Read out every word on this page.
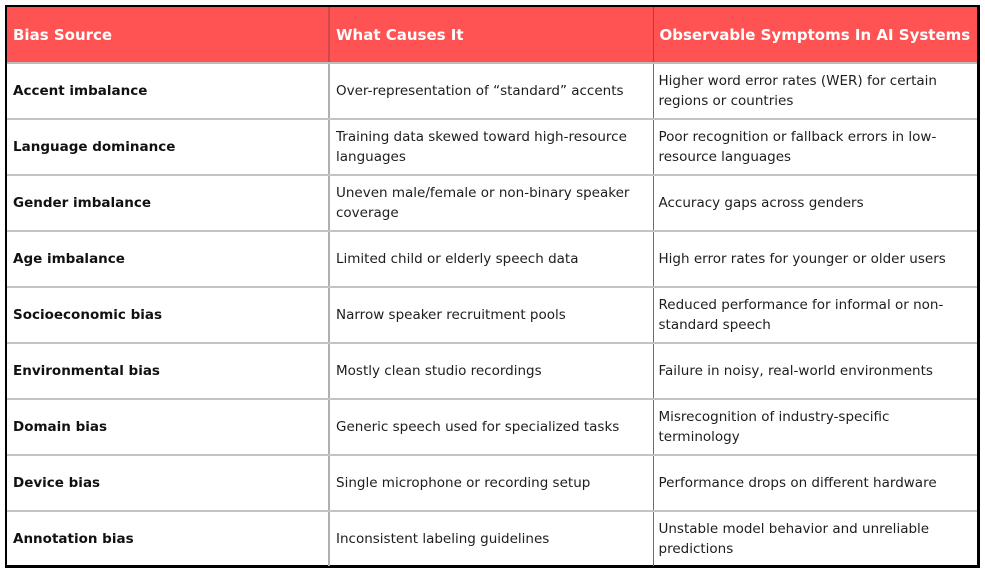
Bias Source	What Causes It	Observable Symptoms In AI Systems
Accent imbalance	Over-representation of “standard” accents	Higher word error rates (WER) for certain regions or countries
Language dominance	Training data skewed toward high-resource languages	Poor recognition or fallback errors in low-resource languages
Gender imbalance	Uneven male/female or non-binary speaker coverage	Accuracy gaps across genders
Age imbalance	Limited child or elderly speech data	High error rates for younger or older users
Socioeconomic bias	Narrow speaker recruitment pools	Reduced performance for informal or non-standard speech
Environmental bias	Mostly clean studio recordings	Failure in noisy, real-world environments
Domain bias	Generic speech used for specialized tasks	Misrecognition of industry-specific terminology
Device bias	Single microphone or recording setup	Performance drops on different hardware
Annotation bias	Inconsistent labeling guidelines	Unstable model behavior and unreliable predictions
